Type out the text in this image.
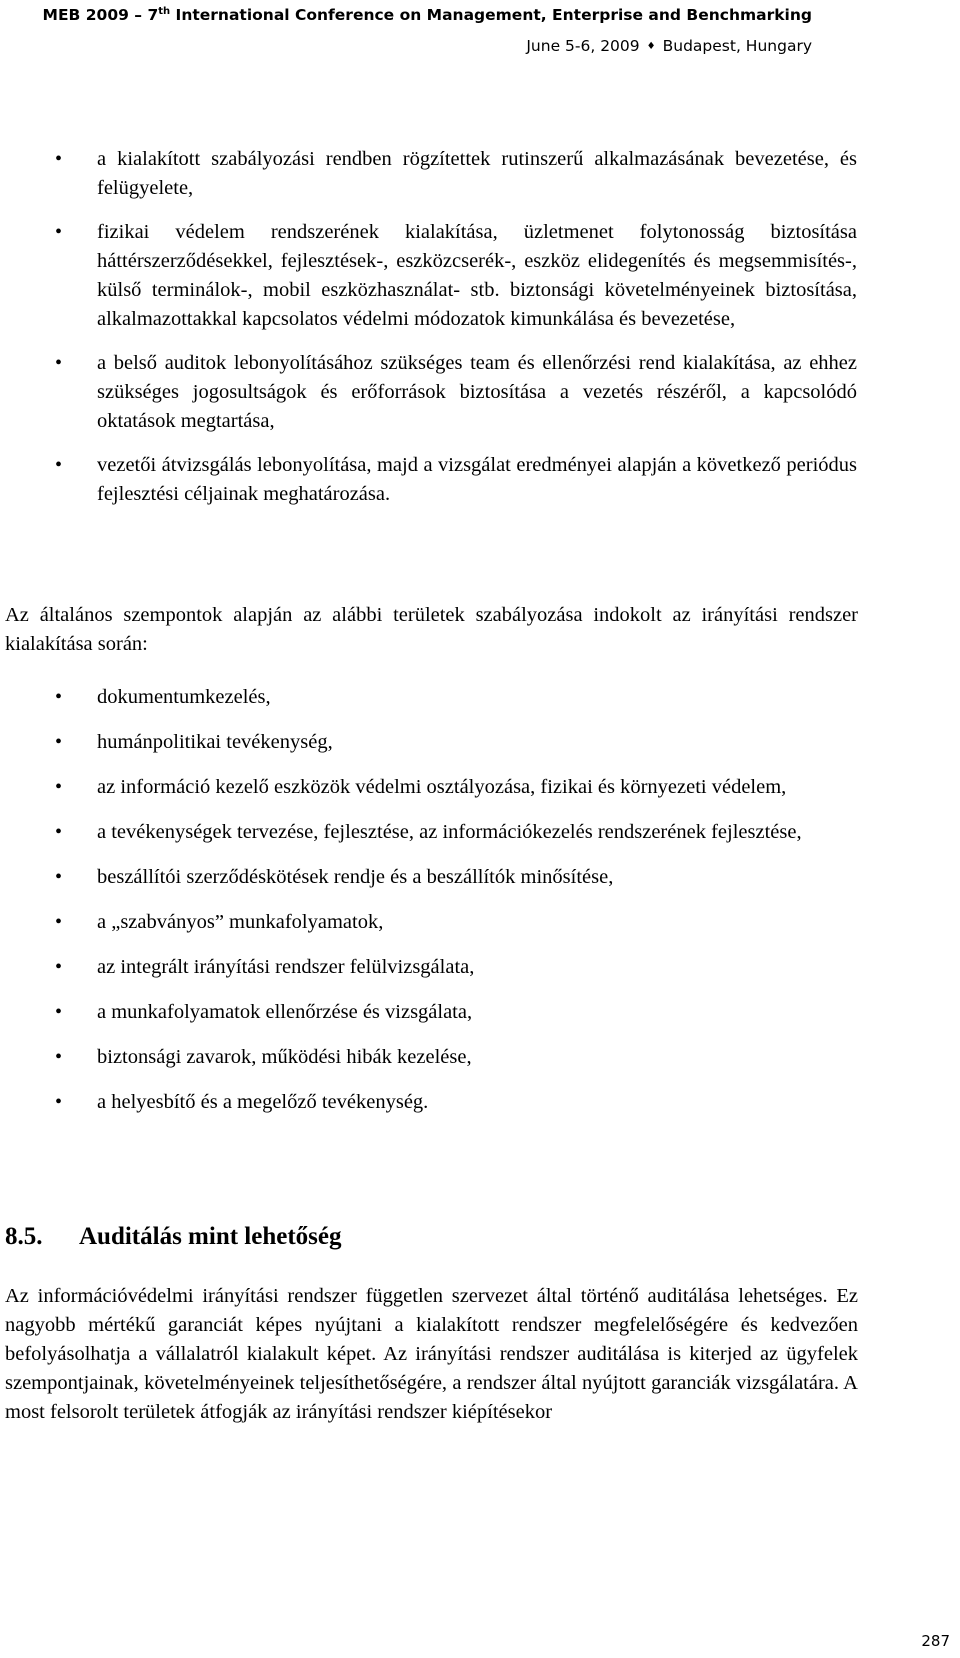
MEB 2009 – 7th International Conference on Management, Enterprise and Benchmarking
June 5-6, 2009 ♦ Budapest, Hungary
• a kialakított szabályozási rendben rögzítettek rutinszerű alkalmazásának bevezetése, és felügyelete,
• fizikai védelem rendszerének kialakítása, üzletmenet folytonosság biztosítása háttérszerződésekkel, fejlesztések-, eszközcserék-, eszköz elidegenítés és megsemmisítés-, külső terminálok-, mobil eszközhasználat- stb. biztonsági követelményeinek biztosítása, alkalmazottakkal kapcsolatos védelmi módozatok kimunkálása és bevezetése,
• a belső auditok lebonyolításához szükséges team és ellenőrzési rend kialakítása, az ehhez szükséges jogosultságok és erőforrások biztosítása a vezetés részéről, a kapcsolódó oktatások megtartása,
• vezetői átvizsgálás lebonyolítása, majd a vizsgálat eredményei alapján a következő periódus fejlesztési céljainak meghatározása.

Az általános szempontok alapján az alábbi területek szabályozása indokolt az irányítási rendszer kialakítása során:

• dokumentumkezelés,
• humánpolitikai tevékenység,
• az információ kezelő eszközök védelmi osztályozása, fizikai és környezeti védelem,
• a tevékenységek tervezése, fejlesztése, az információkezelés rendszerének fejlesztése,
• beszállítói szerződéskötések rendje és a beszállítók minősítése,
• a „szabványos” munkafolyamatok,
• az integrált irányítási rendszer felülvizsgálata,
• a munkafolyamatok ellenőrzése és vizsgálata,
• biztonsági zavarok, működési hibák kezelése,
• a helyesbítő és a megelőző tevékenység.
8.5. Auditálás mint lehetőség

Az információvédelmi irányítási rendszer független szervezet által történő auditálása lehetséges. Ez nagyobb mértékű garanciát képes nyújtani a kialakított rendszer megfelelőségére és kedvezően befolyásolhatja a vállalatról kialakult képet. Az irányítási rendszer auditálása is kiterjed az ügyfelek szempontjainak, követelményeinek teljesíthetőségére, a rendszer által nyújtott garanciák vizsgálatára. A most felsorolt területek átfogják az irányítási rendszer kiépítésekor

287
